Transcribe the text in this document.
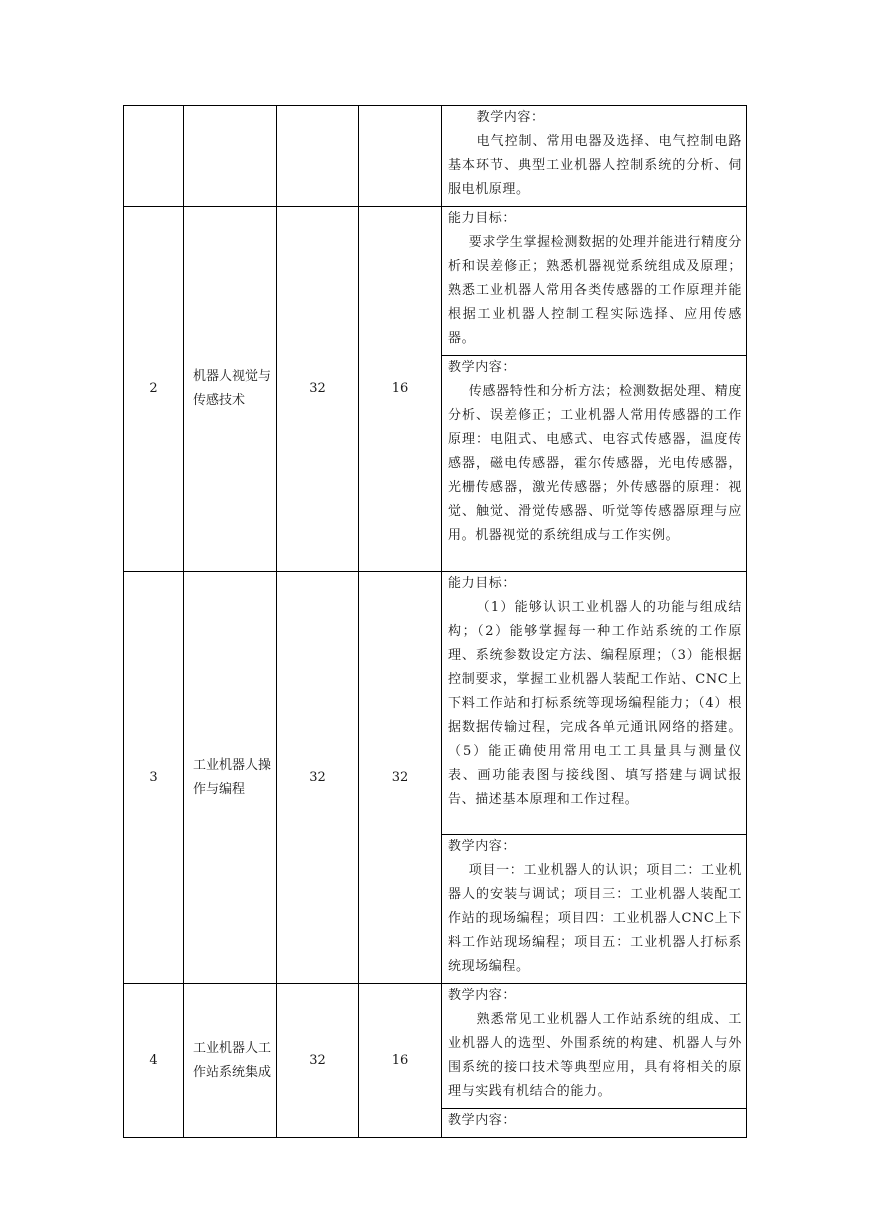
				教学内容：
电气控制、常用电器及选择、电气控制电路基本环节、典型工业机器人控制系统的分析、伺服电机原理。

2	机器人视觉与传感技术	32	16	能力目标：
要求学生掌握检测数据的处理并能进行精度分析和误差修正；熟悉机器视觉系统组成及原理；熟悉工业机器人常用各类传感器的工作原理并能根据工业机器人控制工程实际选择、应用传感器。

				教学内容：
传感器特性和分析方法；检测数据处理、精度分析、误差修正；工业机器人常用传感器的工作原理：电阻式、电感式、电容式传感器，温度传感器，磁电传感器，霍尔传感器，光电传感器，光栅传感器，激光传感器；外传感器的原理：视觉、触觉、滑觉传感器、听觉等传感器原理与应用。机器视觉的系统组成与工作实例。

3	工业机器人操作与编程	32	32	能力目标：
（1）能够认识工业机器人的功能与组成结构；（2）能够掌握每一种工作站系统的工作原理、系统参数设定方法、编程原理；（3）能根据控制要求，掌握工业机器人装配工作站、CNC上下料工作站和打标系统等现场编程能力；（4）根据数据传输过程，完成各单元通讯网络的搭建。（5）能正确使用常用电工工具量具与测量仪表、画功能表图与接线图、填写搭建与调试报告、描述基本原理和工作过程。

				教学内容：
项目一：工业机器人的认识；项目二：工业机器人的安装与调试；项目三：工业机器人装配工作站的现场编程；项目四：工业机器人CNC上下料工作站现场编程；项目五：工业机器人打标系统现场编程。

4	工业机器人工作站系统集成	32	16	教学内容：
熟悉常见工业机器人工作站系统的组成、工业机器人的选型、外围系统的构建、机器人与外围系统的接口技术等典型应用，具有将相关的原理与实践有机结合的能力。

				教学内容：
